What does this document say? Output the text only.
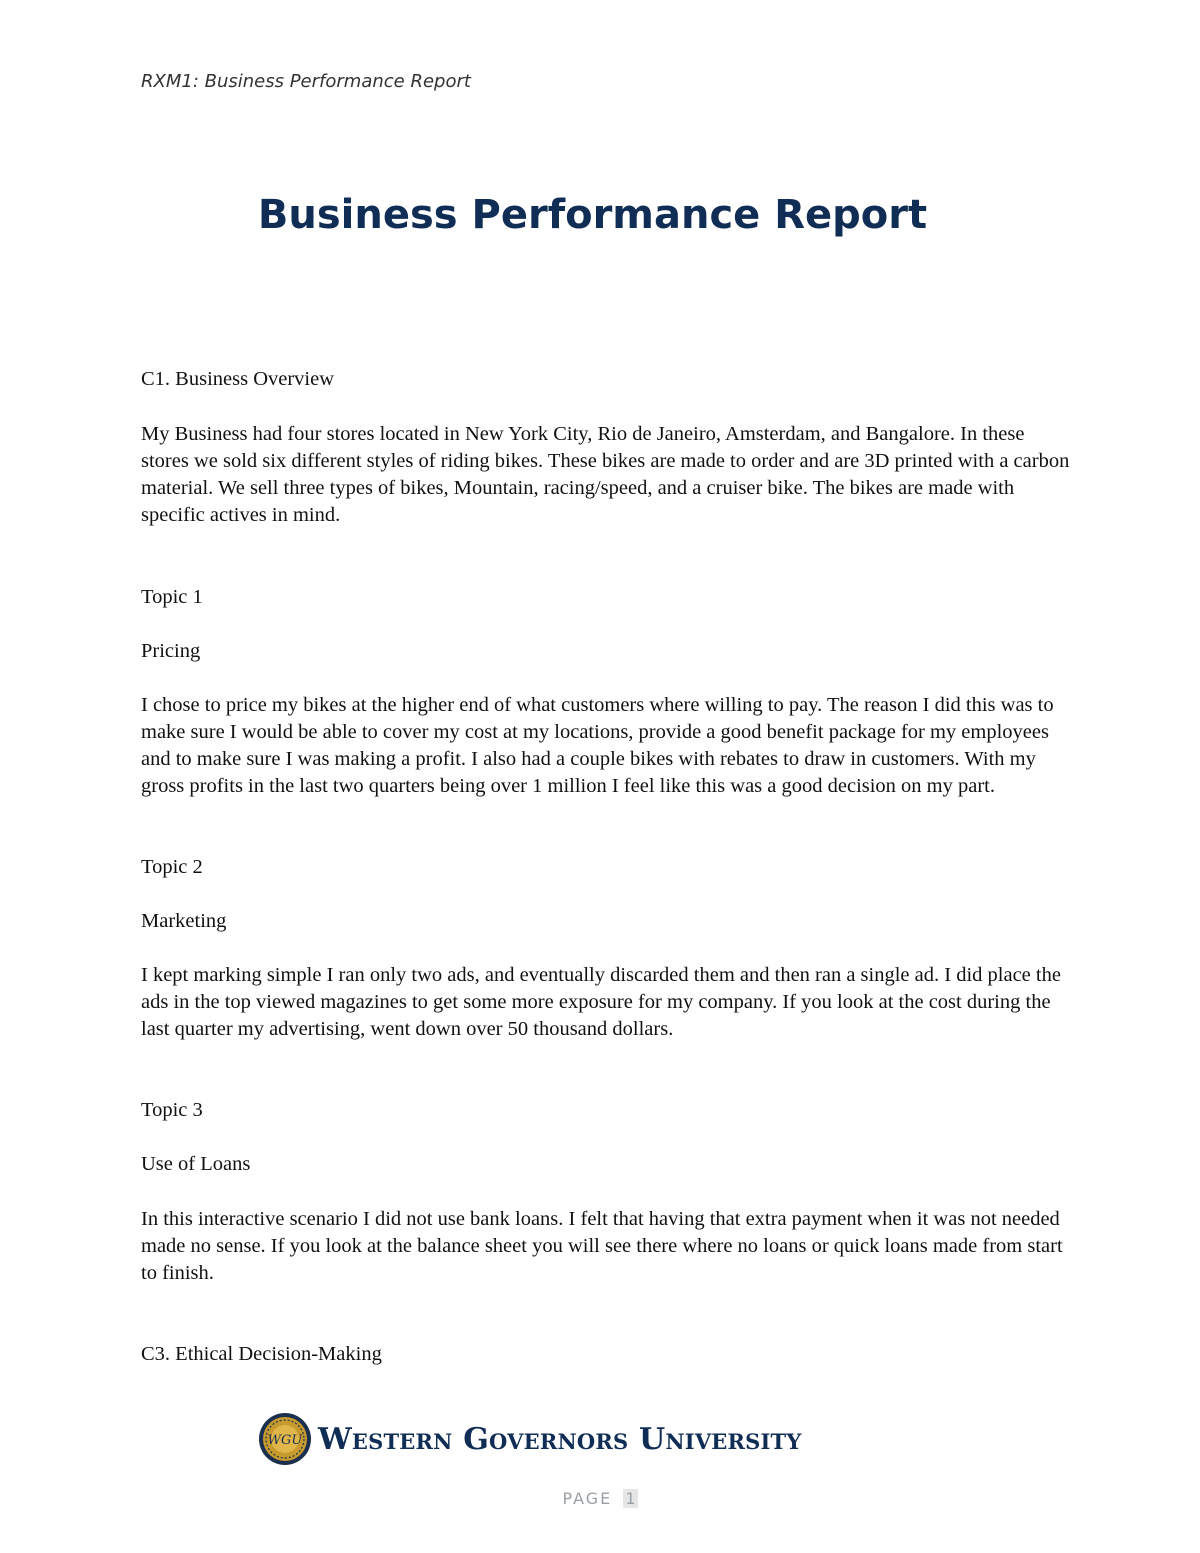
RXM1: Business Performance Report
Business Performance Report

C1. Business Overview

My Business had four stores located in New York City, Rio de Janeiro, Amsterdam, and Bangalore. In these stores we sold six different styles of riding bikes. These bikes are made to order and are 3D printed with a carbon material. We sell three types of bikes, Mountain, racing/speed, and a cruiser bike. The bikes are made with specific actives in mind.

Topic 1

Pricing

I chose to price my bikes at the higher end of what customers where willing to pay. The reason I did this was to make sure I would be able to cover my cost at my locations, provide a good benefit package for my employees and to make sure I was making a profit. I also had a couple bikes with rebates to draw in customers. With my gross profits in the last two quarters being over 1 million I feel like this was a good decision on my part.

Topic 2

Marketing

I kept marking simple I ran only two ads, and eventually discarded them and then ran a single ad. I did place the ads in the top viewed magazines to get some more exposure for my company. If you look at the cost during the last quarter my advertising, went down over 50 thousand dollars.

Topic 3

Use of Loans

In this interactive scenario I did not use bank loans. I felt that having that extra payment when it was not needed made no sense. If you look at the balance sheet you will see there where no loans or quick loans made from start to finish.

C3. Ethical Decision-Making

WGU Western Governors University
PAGE 1
